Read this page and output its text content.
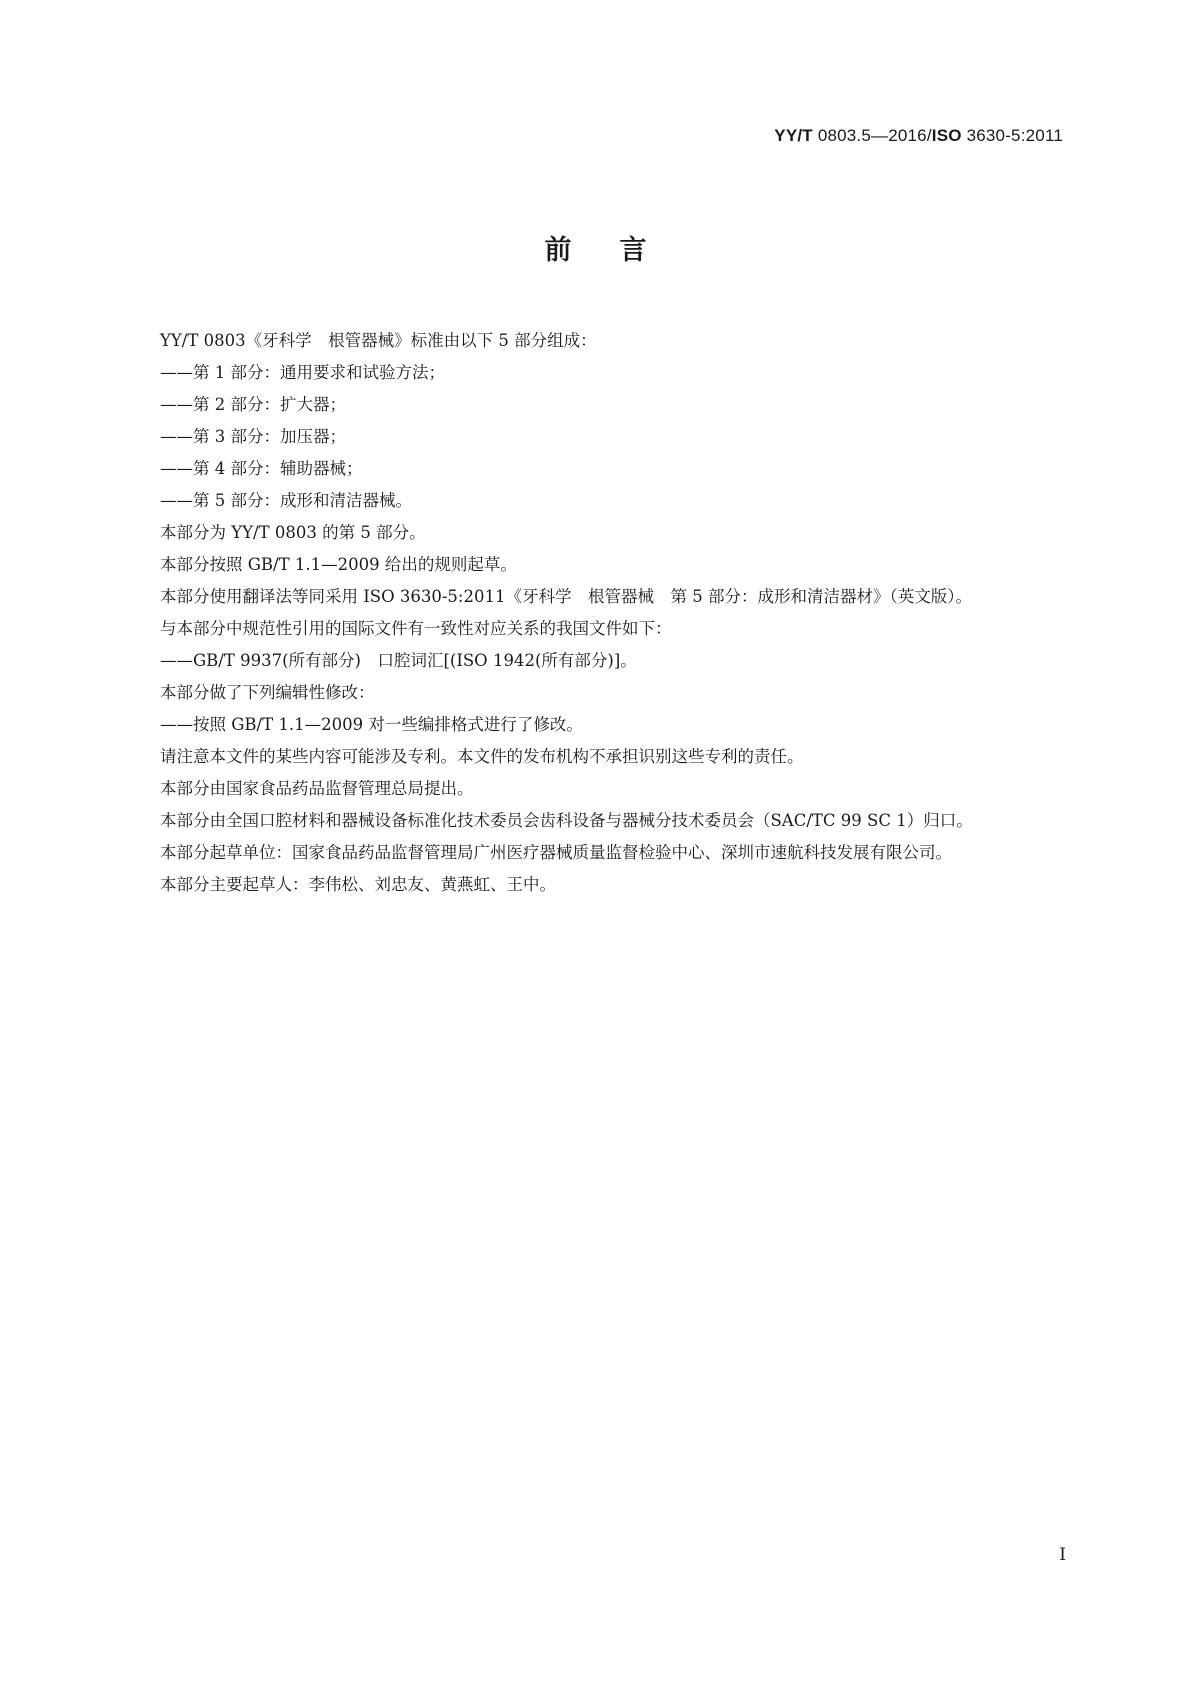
YY/T 0803.5—2016/ISO 3630-5:2011
前 言

YY/T 0803《牙科学　根管器械》标准由以下 5 部分组成：

——第 1 部分：通用要求和试验方法；

——第 2 部分：扩大器；

——第 3 部分：加压器；

——第 4 部分：辅助器械；

——第 5 部分：成形和清洁器械。

本部分为 YY/T 0803 的第 5 部分。

本部分按照 GB/T 1.1—2009 给出的规则起草。

本部分使用翻译法等同采用 ISO 3630-5:2011《牙科学　根管器械　第 5 部分：成形和清洁器材》（英文版）。

与本部分中规范性引用的国际文件有一致性对应关系的我国文件如下：

——GB/T 9937(所有部分)　口腔词汇[(ISO 1942(所有部分)]。

本部分做了下列编辑性修改：

——按照 GB/T 1.1—2009 对一些编排格式进行了修改。

请注意本文件的某些内容可能涉及专利。本文件的发布机构不承担识别这些专利的责任。

本部分由国家食品药品监督管理总局提出。

本部分由全国口腔材料和器械设备标准化技术委员会齿科设备与器械分技术委员会（SAC/TC 99 SC 1）归口。

本部分起草单位：国家食品药品监督管理局广州医疗器械质量监督检验中心、深圳市速航科技发展有限公司。

本部分主要起草人：李伟松、刘忠友、黄燕虹、王中。

I
